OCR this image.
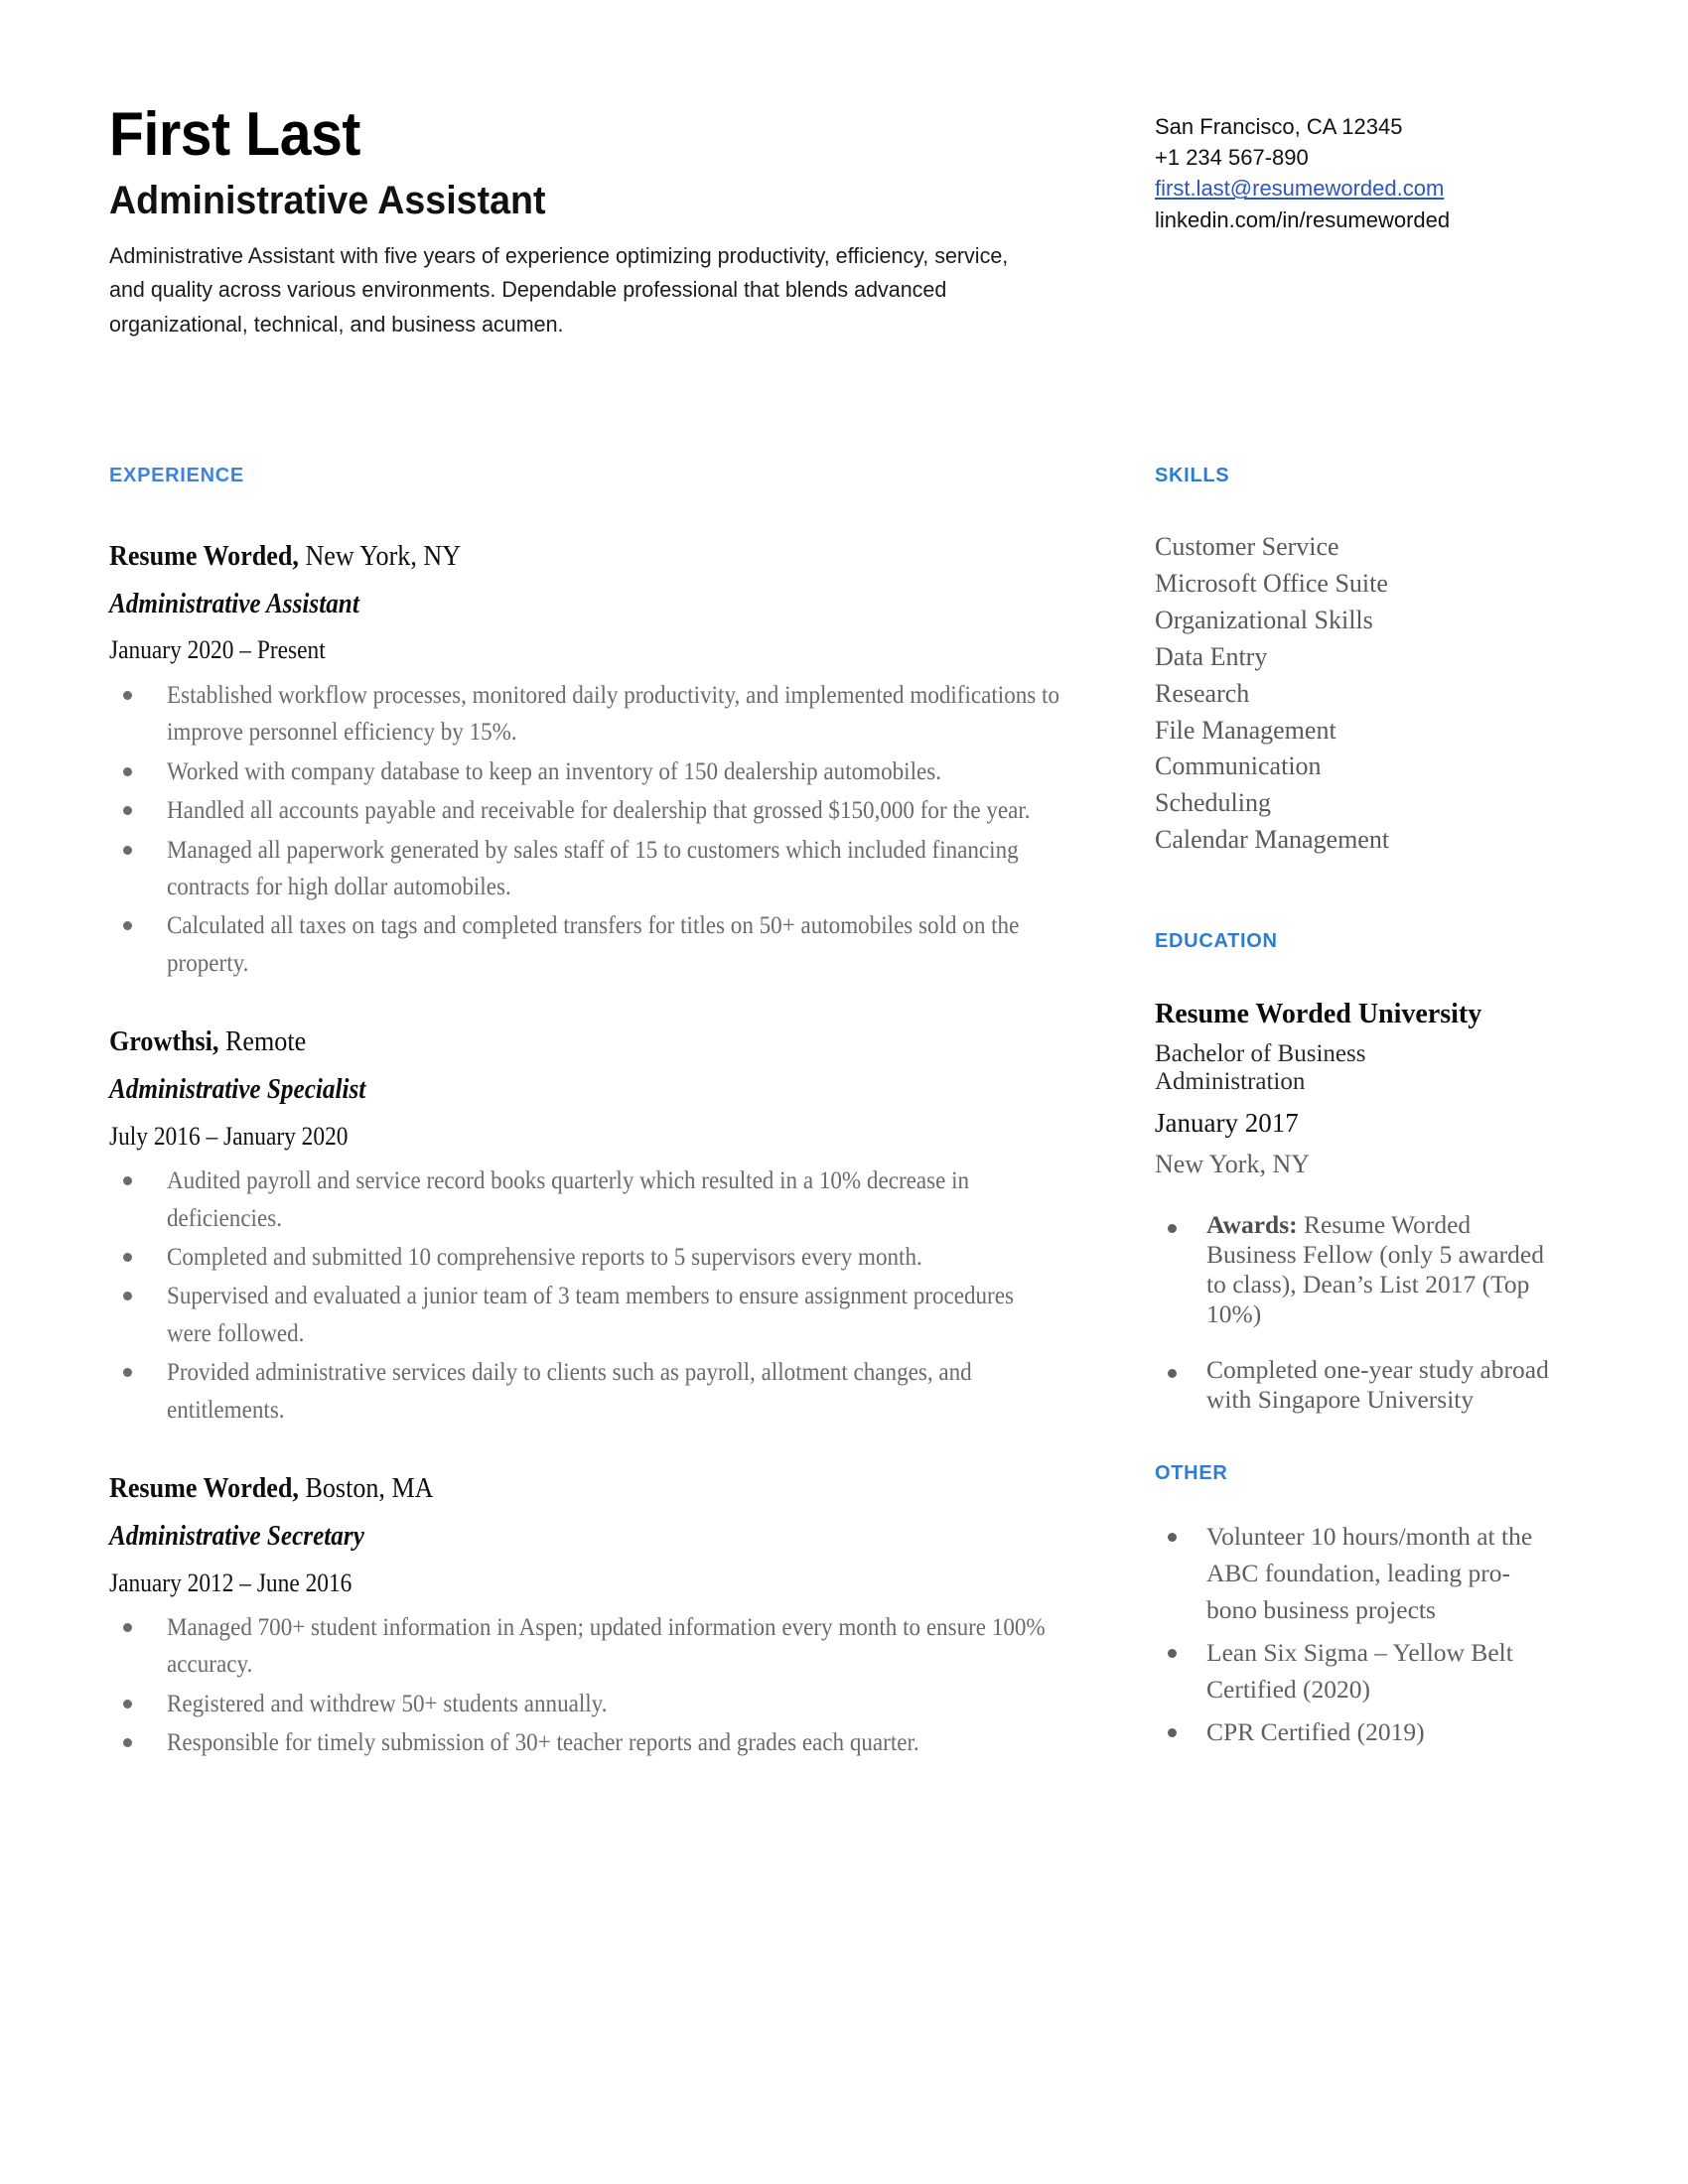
First Last
Administrative Assistant
Administrative Assistant with five years of experience optimizing productivity, efficiency, service, and quality across various environments. Dependable professional that blends advanced organizational, technical, and business acumen.
San Francisco, CA 12345
+1 234 567-890
first.last@resumeworded.com
linkedin.com/in/resumeworded
EXPERIENCE
Resume Worded, New York, NY
Administrative Assistant
January 2020 – Present
Established workflow processes, monitored daily productivity, and implemented modifications to improve personnel efficiency by 15%.
Worked with company database to keep an inventory of 150 dealership automobiles.
Handled all accounts payable and receivable for dealership that grossed $150,000 for the year.
Managed all paperwork generated by sales staff of 15 to customers which included financing contracts for high dollar automobiles.
Calculated all taxes on tags and completed transfers for titles on 50+ automobiles sold on the property.
Growthsi, Remote
Administrative Specialist
July 2016 – January 2020
Audited payroll and service record books quarterly which resulted in a 10% decrease in deficiencies.
Completed and submitted 10 comprehensive reports to 5 supervisors every month.
Supervised and evaluated a junior team of 3 team members to ensure assignment procedures were followed.
Provided administrative services daily to clients such as payroll, allotment changes, and entitlements.
Resume Worded, Boston, MA
Administrative Secretary
January 2012 – June 2016
Managed 700+ student information in Aspen; updated information every month to ensure 100% accuracy.
Registered and withdrew 50+ students annually.
Responsible for timely submission of 30+ teacher reports and grades each quarter.
SKILLS
Customer Service
Microsoft Office Suite
Organizational Skills
Data Entry
Research
File Management
Communication
Scheduling
Calendar Management
EDUCATION
Resume Worded University
Bachelor of Business Administration
January 2017
New York, NY
Awards: Resume Worded Business Fellow (only 5 awarded to class), Dean’s List 2017 (Top 10%)
Completed one-year study abroad with Singapore University
OTHER
Volunteer 10 hours/month at the ABC foundation, leading pro-bono business projects
Lean Six Sigma – Yellow Belt Certified (2020)
CPR Certified (2019)
